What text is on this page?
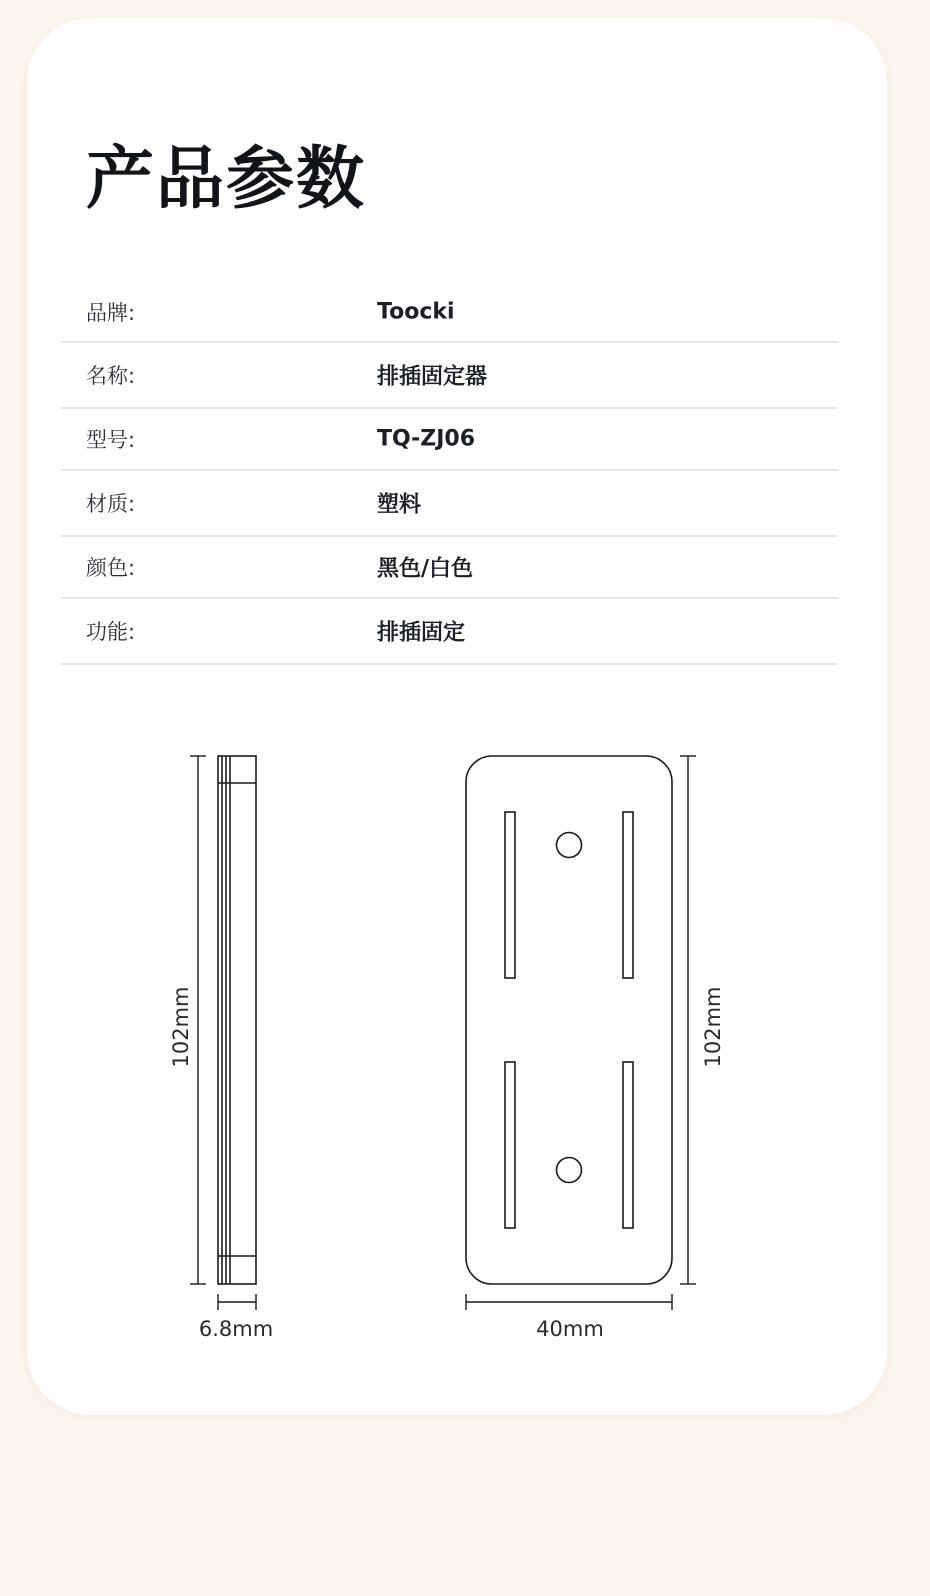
产品参数
品牌:	Toocki
名称:	排插固定器
型号:	TQ-ZJ06
材质:	塑料
颜色:	黑色/白色
功能:	排插固定
102mm
6.8mm
102mm
40mm
